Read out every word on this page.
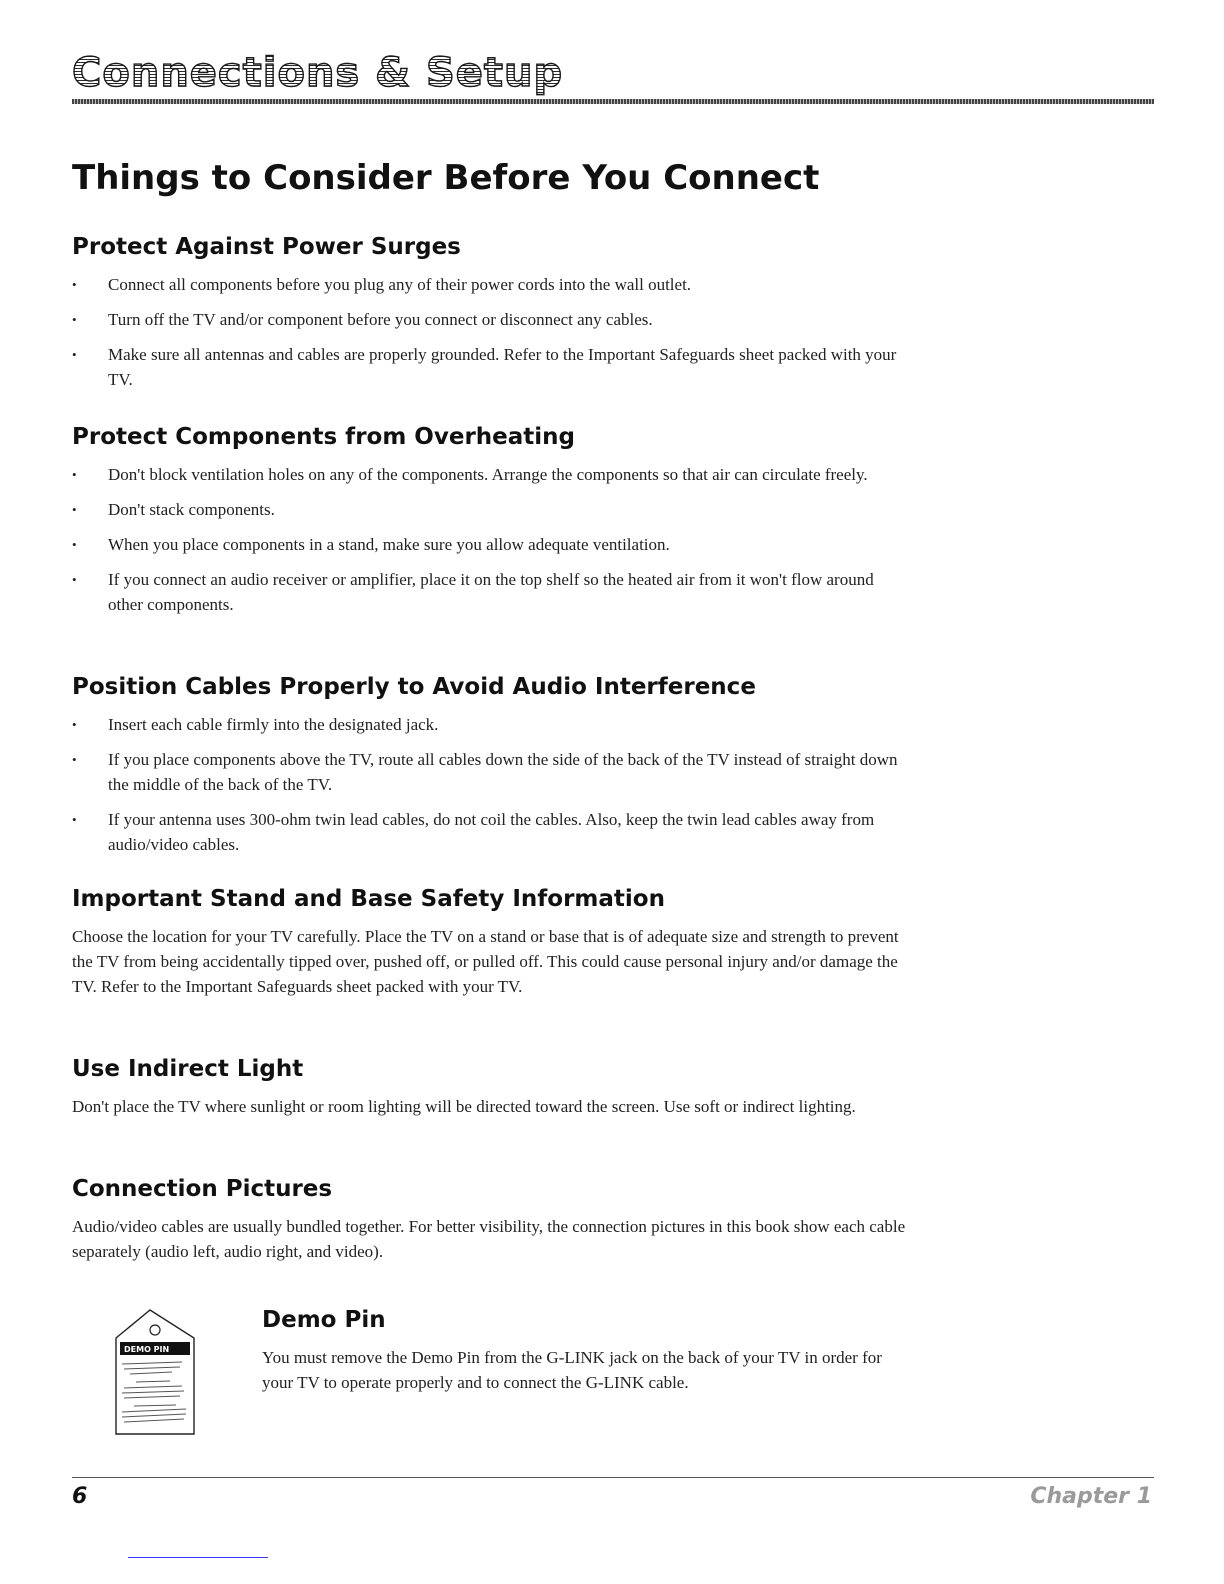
Connections & Setup
Things to Consider Before You Connect
Protect Against Power Surges
• Connect all components before you plug any of their power cords into the wall outlet.
• Turn off the TV and/or component before you connect or disconnect any cables.
• Make sure all antennas and cables are properly grounded. Refer to the Important Safeguards sheet packed with your TV.
Protect Components from Overheating
• Don't block ventilation holes on any of the components. Arrange the components so that air can circulate freely.
• Don't stack components.
• When you place components in a stand, make sure you allow adequate ventilation.
• If you connect an audio receiver or amplifier, place it on the top shelf so the heated air from it won't flow around other components.
Position Cables Properly to Avoid Audio Interference
• Insert each cable firmly into the designated jack.
• If you place components above the TV, route all cables down the side of the back of the TV instead of straight down the middle of the back of the TV.
• If your antenna uses 300-ohm twin lead cables, do not coil the cables. Also, keep the twin lead cables away from audio/video cables.
Important Stand and Base Safety Information

Choose the location for your TV carefully. Place the TV on a stand or base that is of adequate size and strength to prevent the TV from being accidentally tipped over, pushed off, or pulled off. This could cause personal injury and/or damage the TV. Refer to the Important Safeguards sheet packed with your TV.

Use Indirect Light

Don't place the TV where sunlight or room lighting will be directed toward the screen. Use soft or indirect lighting.

Connection Pictures

Audio/video cables are usually bundled together. For better visibility, the connection pictures in this book show each cable separately (audio left, audio right, and video).

DEMO PIN
Demo Pin

You must remove the Demo Pin from the G-LINK jack on the back of your TV in order for your TV to operate properly and to connect the G-LINK cable.

6	Chapter 1
